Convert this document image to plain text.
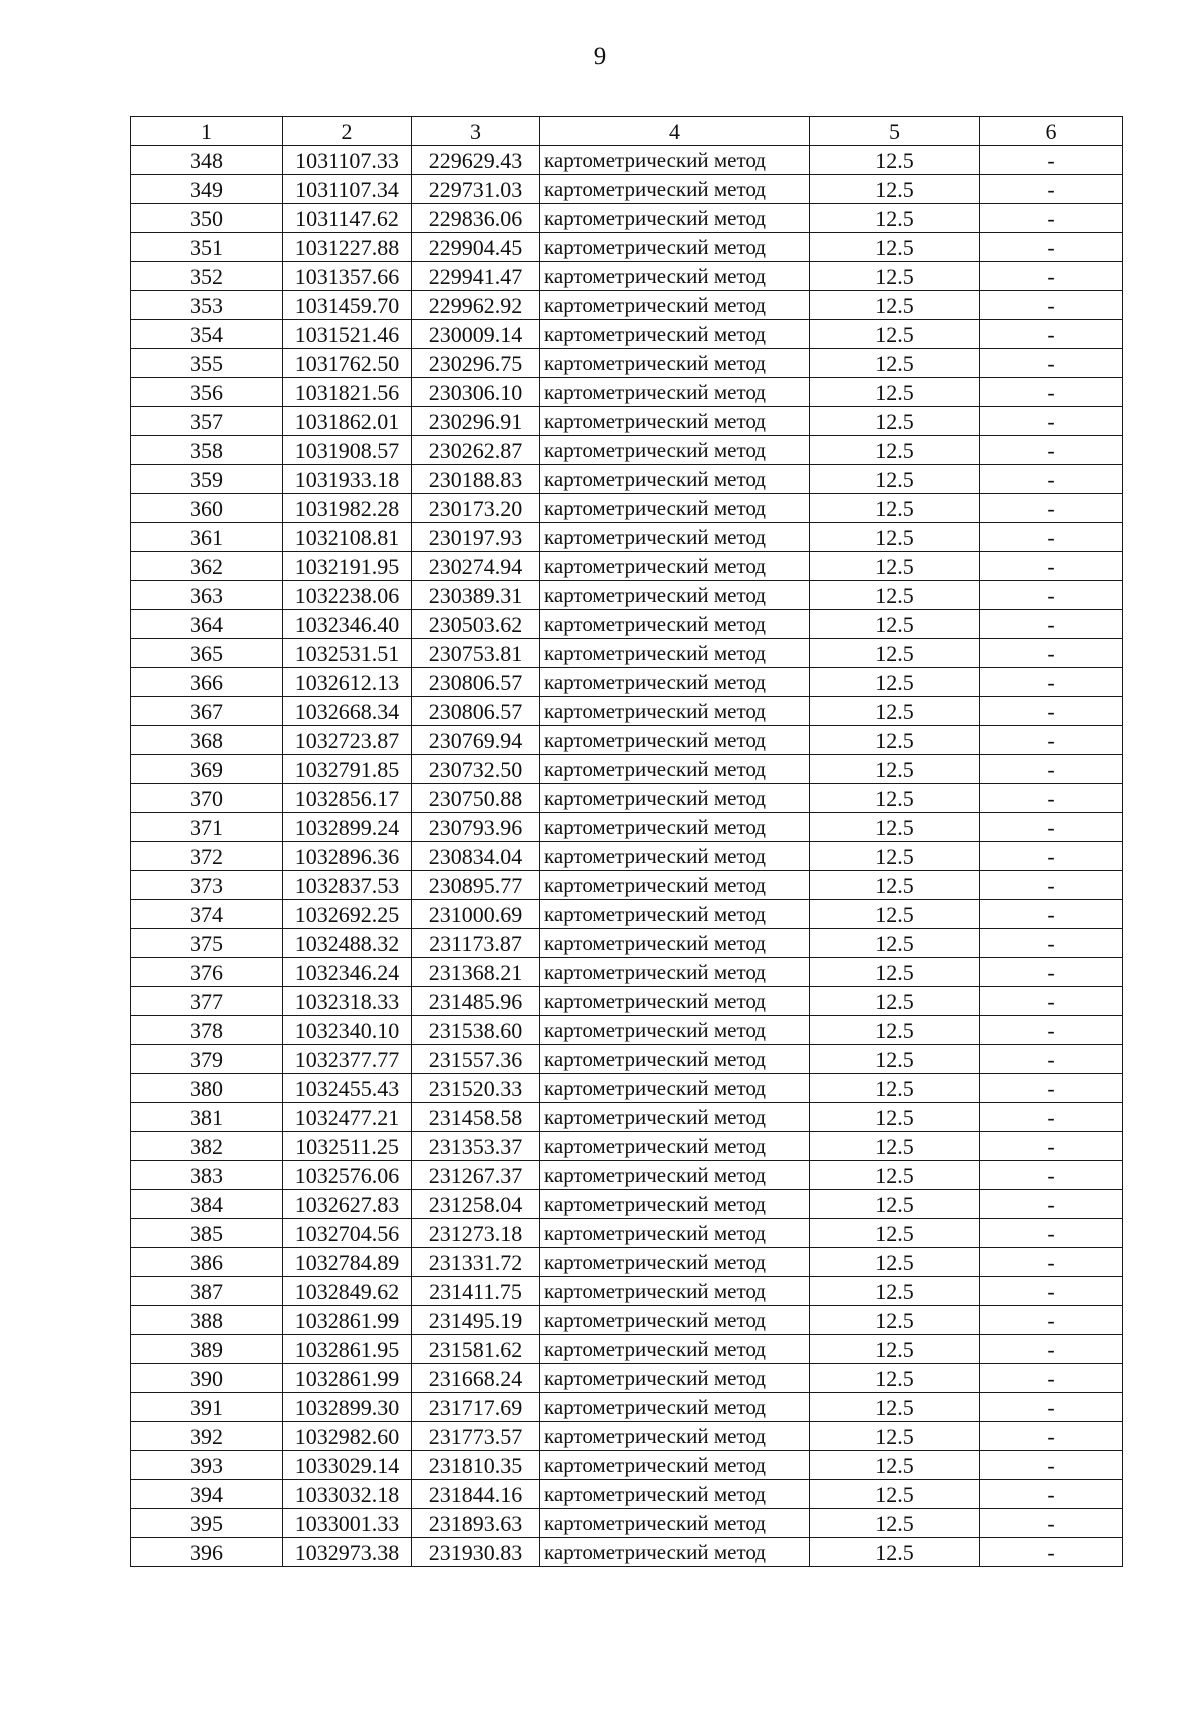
9
1	2	3	4	5	6
348	1031107.33	229629.43	картометрический метод	12.5	-
349	1031107.34	229731.03	картометрический метод	12.5	-
350	1031147.62	229836.06	картометрический метод	12.5	-
351	1031227.88	229904.45	картометрический метод	12.5	-
352	1031357.66	229941.47	картометрический метод	12.5	-
353	1031459.70	229962.92	картометрический метод	12.5	-
354	1031521.46	230009.14	картометрический метод	12.5	-
355	1031762.50	230296.75	картометрический метод	12.5	-
356	1031821.56	230306.10	картометрический метод	12.5	-
357	1031862.01	230296.91	картометрический метод	12.5	-
358	1031908.57	230262.87	картометрический метод	12.5	-
359	1031933.18	230188.83	картометрический метод	12.5	-
360	1031982.28	230173.20	картометрический метод	12.5	-
361	1032108.81	230197.93	картометрический метод	12.5	-
362	1032191.95	230274.94	картометрический метод	12.5	-
363	1032238.06	230389.31	картометрический метод	12.5	-
364	1032346.40	230503.62	картометрический метод	12.5	-
365	1032531.51	230753.81	картометрический метод	12.5	-
366	1032612.13	230806.57	картометрический метод	12.5	-
367	1032668.34	230806.57	картометрический метод	12.5	-
368	1032723.87	230769.94	картометрический метод	12.5	-
369	1032791.85	230732.50	картометрический метод	12.5	-
370	1032856.17	230750.88	картометрический метод	12.5	-
371	1032899.24	230793.96	картометрический метод	12.5	-
372	1032896.36	230834.04	картометрический метод	12.5	-
373	1032837.53	230895.77	картометрический метод	12.5	-
374	1032692.25	231000.69	картометрический метод	12.5	-
375	1032488.32	231173.87	картометрический метод	12.5	-
376	1032346.24	231368.21	картометрический метод	12.5	-
377	1032318.33	231485.96	картометрический метод	12.5	-
378	1032340.10	231538.60	картометрический метод	12.5	-
379	1032377.77	231557.36	картометрический метод	12.5	-
380	1032455.43	231520.33	картометрический метод	12.5	-
381	1032477.21	231458.58	картометрический метод	12.5	-
382	1032511.25	231353.37	картометрический метод	12.5	-
383	1032576.06	231267.37	картометрический метод	12.5	-
384	1032627.83	231258.04	картометрический метод	12.5	-
385	1032704.56	231273.18	картометрический метод	12.5	-
386	1032784.89	231331.72	картометрический метод	12.5	-
387	1032849.62	231411.75	картометрический метод	12.5	-
388	1032861.99	231495.19	картометрический метод	12.5	-
389	1032861.95	231581.62	картометрический метод	12.5	-
390	1032861.99	231668.24	картометрический метод	12.5	-
391	1032899.30	231717.69	картометрический метод	12.5	-
392	1032982.60	231773.57	картометрический метод	12.5	-
393	1033029.14	231810.35	картометрический метод	12.5	-
394	1033032.18	231844.16	картометрический метод	12.5	-
395	1033001.33	231893.63	картометрический метод	12.5	-
396	1032973.38	231930.83	картометрический метод	12.5	-
